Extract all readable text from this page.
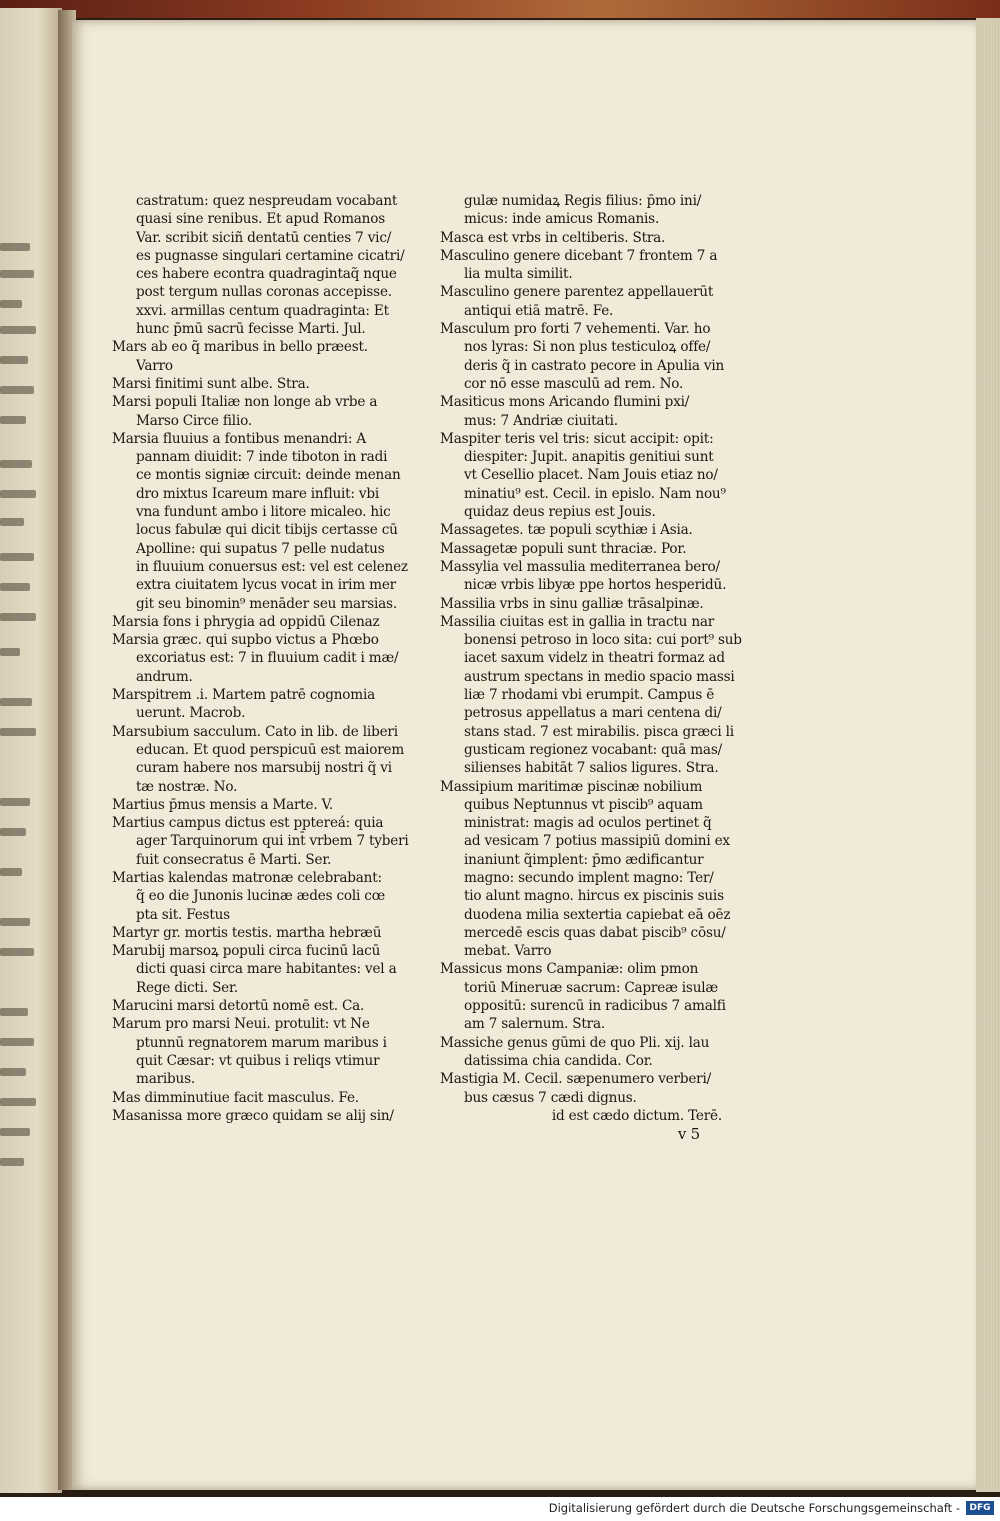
castratum: quez nespreudam vocabant
quasi sine renibus. Et apud Romanos
Var. scribit siciñ dentatū centies 7 vic/
es pugnasse singulari certamine cicatri/
ces habere econtra quadragintaq̃ nque
post tergum nullas coronas accepisse.
xxvi. armillas centum quadraginta: Et
hunc p̄mū sacrū fecisse Marti. Jul.
Mars ab eo q̃ maribus in bello præest.
Varro
Marsi finitimi sunt albe. Stra.
Marsi populi Italiæ non longe ab vrbe a
Marso Circe filio.
Marsia fluuius a fontibus menandri: A
pannam diuidit: 7 inde tiboton in radi
ce montis signiæ circuit: deinde menan
dro mixtus Icareum mare influit: vbi
vna fundunt ambo i litore micaleo. hic
locus fabulæ qui dicit tibijs certasse cū
Apolline: qui supatus 7 pelle nudatus
in fluuium conuersus est: vel est celenez
extra ciuitatem lycus vocat in irim mer
git seu binomin⁹ menāder seu marsias.
Marsia fons i phrygia ad oppidū Cilenaz
Marsia græc. qui supbo victus a Phœbo
excoriatus est: 7 in fluuium cadit i mæ/
andrum.
Marspitrem .i. Martem patrē cognomia
uerunt. Macrob.
Marsubium sacculum. Cato in lib. de liberi
educan. Et quod perspicuū est maiorem
curam habere nos marsubij nostri q̃ vi
tæ nostræ. No.
Martius p̄mus mensis a Marte. V.
Martius campus dictus est pptereá: quia
ager Tarquinorum qui int̄ vrbem 7 tyberi
fuit consecratus ē Marti. Ser.
Martias kalendas matronæ celebrabant:
q̃ eo die Junonis lucinæ ædes coli cœ
pta sit. Festus
Martyr gr. mortis testis. martha hebræū
Marubij marsoꝝ populi circa fucinū lacū
dicti quasi circa mare habitantes: vel a
Rege dicti. Ser.
Marucini marsi detortū nomē est. Ca.
Marum pro marsi Neui. protulit: vt Ne
ptunnū regnatorem marum maribus i
quit Cæsar: vt quibus i reliqs vtimur
maribus.
Mas dimminutiue facit masculus. Fe.
Masanissa more græco quidam se alij sin/
gulæ numidaꝝ Regis filius: p̄mo ini/
micus: inde amicus Romanis.
Masca est vrbs in celtiberis. Stra.
Masculino genere dicebant 7 frontem 7 a
lia multa similit.
Masculino genere parentez appellauerūt
antiqui etiā matrē. Fe.
Masculum pro forti 7 vehementi. Var. ho
nos lyras: Si non plus testiculoꝝ offe/
deris q̃ in castrato pecore in Apulia vin
cor nō esse masculū ad rem. No.
Masiticus mons Aricando flumini pxi/
mus: 7 Andriæ ciuitati.
Maspiter teris vel tris: sicut accipit: opit:
diespiter: Jupit. anapitis genitiui sunt
vt Cesellio placet. Nam Jouis etiaz no/
minatiu⁹ est. Cecil. in epislo. Nam nou⁹
quidaz deus repius est Jouis.
Massagetes. tæ populi scythiæ i Asia.
Massagetæ populi sunt thraciæ. Por.
Massylia vel massulia mediterranea bero/
nicæ vrbis libyæ ppe hortos hesperidū.
Massilia vrbs in sinu galliæ trāsalpinæ.
Massilia ciuitas est in gallia in tractu nar
bonensi petroso in loco sita: cui port⁹ sub
iacet saxum videlz in theatri formaz ad
austrum spectans in medio spacio massi
liæ 7 rhodami vbi erumpit. Campus ē
petrosus appellatus a mari centena di/
stans stad. 7 est mirabilis. pisca græci li
gusticam regionez vocabant: quā mas/
silienses habitāt 7 salios ligures. Stra.
Massipium maritimæ piscinæ nobilium
quibus Neptunnus vt piscib⁹ aquam
ministrat: magis ad oculos pertinet q̃
ad vesicam 7 potius massipiū domini ex
inaniunt q̃implent: p̄mo ædificantur
magno: secundo implent magno: Ter/
tio alunt magno. hircus ex piscinis suis
duodena milia sextertia capiebat eā oēz
mercedē escis quas dabat piscib⁹ cōsu/
mebat. Varro
Massicus mons Campaniæ: olim pmon
toriū Mineruæ sacrum: Capreæ isulæ
oppositū: surencū in radicibus 7 amalfi
am 7 salernum. Stra.
Massiche genus gūmi de quo Pli. xij. lau
datissima chia candida. Cor.
Mastigia M. Cecil. sæpenumero verberi/
bus cæsus 7 cædi dignus.
id est cædo dictum. Terē.
v 5
Digitalisierung gefördert durch die Deutsche Forschungsgemeinschaft -	DFG
